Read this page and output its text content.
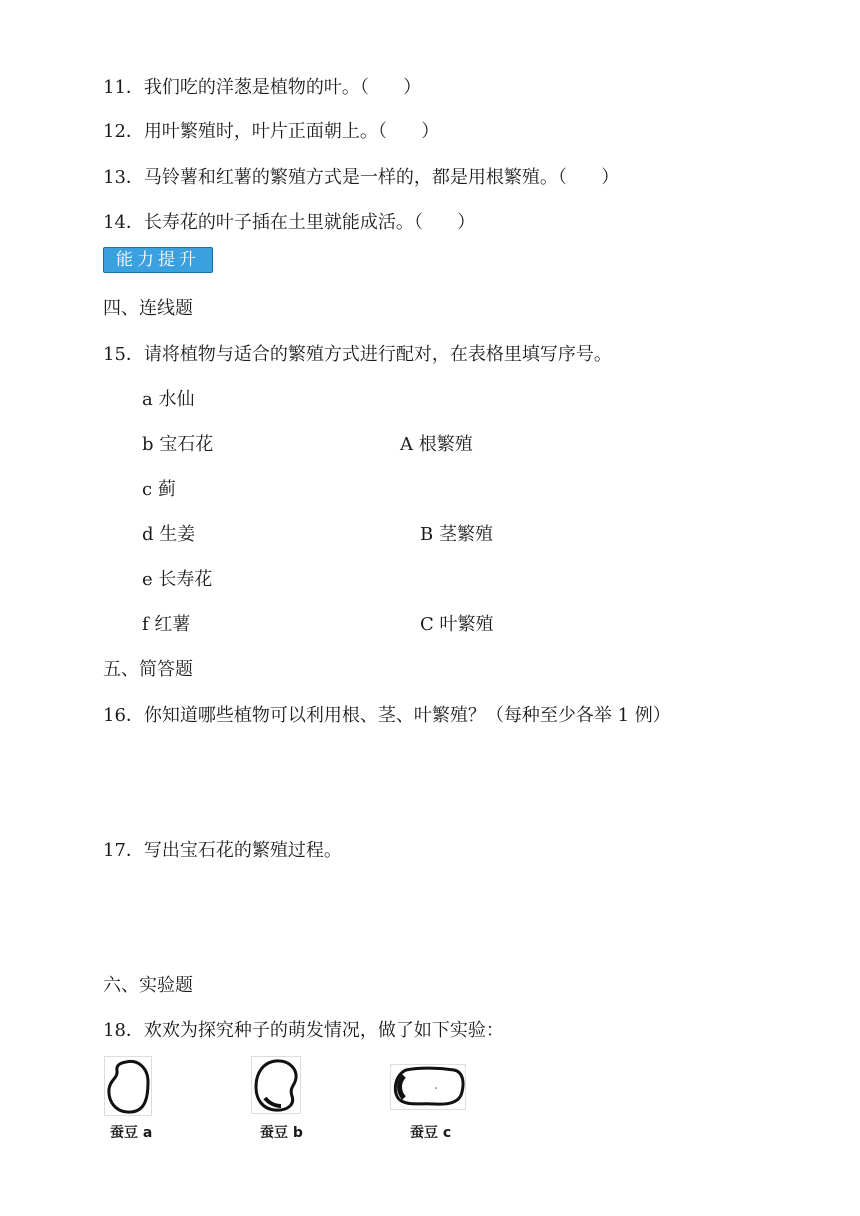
11．我们吃的洋葱是植物的叶。（      ）
12．用叶繁殖时，叶片正面朝上。（      ）
13．马铃薯和红薯的繁殖方式是一样的，都是用根繁殖。（      ）
14．长寿花的叶子插在土里就能成活。（      ）
能力提升
四、连线题
15．请将植物与适合的繁殖方式进行配对，在表格里填写序号。
a 水仙
b 宝石花
c 蓟
d 生姜
e 长寿花
f 红薯
A 根繁殖
B 茎繁殖
C 叶繁殖
五、简答题
16．你知道哪些植物可以利用根、茎、叶繁殖？（每种至少各举 1 例）
17．写出宝石花的繁殖过程。
六、实验题
18．欢欢为探究种子的萌发情况，做了如下实验：
蚕豆 a	蚕豆 b	蚕豆 c
